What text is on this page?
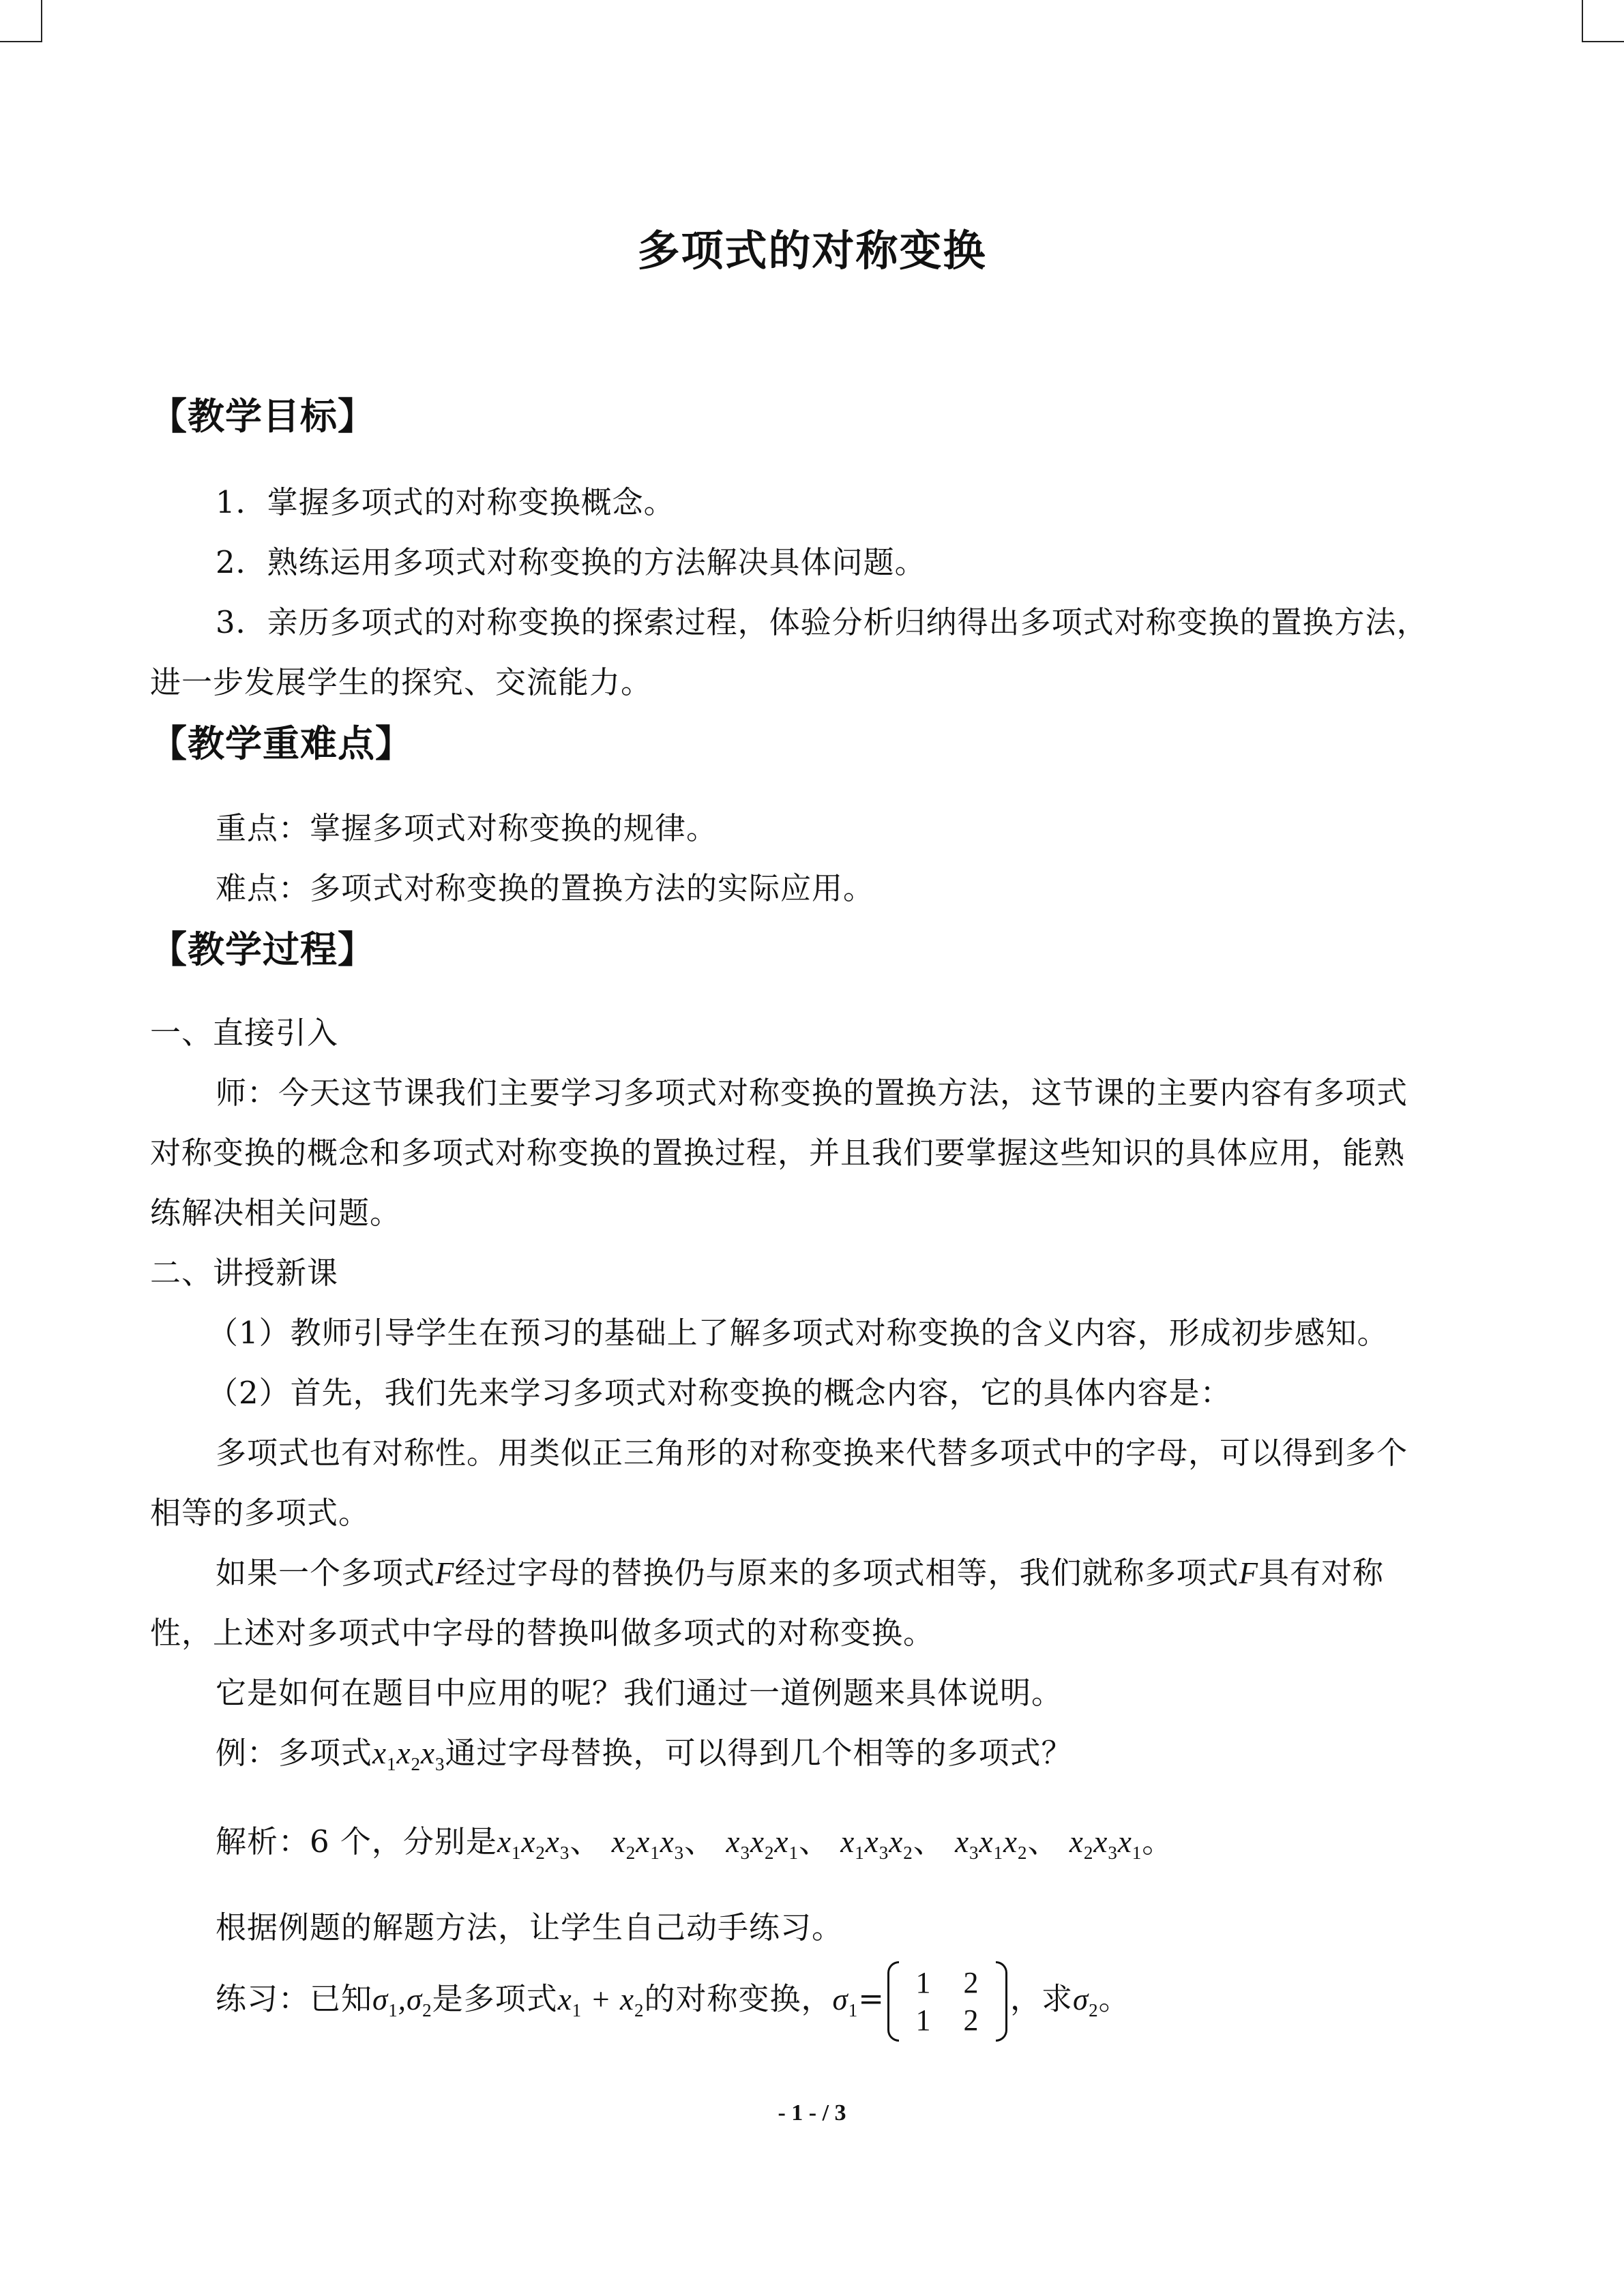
多项式的对称变换
【教学目标】
1．掌握多项式的对称变换概念。
2．熟练运用多项式对称变换的方法解决具体问题。
3．亲历多项式的对称变换的探索过程，体验分析归纳得出多项式对称变换的置换方法，
进一步发展学生的探究、交流能力。
【教学重难点】
重点：掌握多项式对称变换的规律。
难点：多项式对称变换的置换方法的实际应用。
【教学过程】
一、直接引入
师：今天这节课我们主要学习多项式对称变换的置换方法，这节课的主要内容有多项式
对称变换的概念和多项式对称变换的置换过程，并且我们要掌握这些知识的具体应用，能熟
练解决相关问题。
二、讲授新课
（1）教师引导学生在预习的基础上了解多项式对称变换的含义内容，形成初步感知。
（2）首先，我们先来学习多项式对称变换的概念内容，它的具体内容是：
多项式也有对称性。用类似正三角形的对称变换来代替多项式中的字母，可以得到多个
相等的多项式。
如果一个多项式F经过字母的替换仍与原来的多项式相等，我们就称多项式F具有对称
性，上述对多项式中字母的替换叫做多项式的对称变换。
它是如何在题目中应用的呢？我们通过一道例题来具体说明。
例：多项式$x_1x_2x_3$通过字母替换，可以得到几个相等的多项式？
解析：6 个，分别是$x_1x_2x_3$、 $x_2x_1x_3$、 $x_3x_2x_1$、 $x_1x_3x_2$、 $x_3x_1x_2$、 $x_2x_3x_1$。
根据例题的解题方法，让学生自己动手练习。
练习：已知$\sigma_1,\sigma_2$是多项式$x_1 + x_2$的对称变换，$\sigma_1=$	1 2
1 2
，求$\sigma_2$。
- 1 - / 3
